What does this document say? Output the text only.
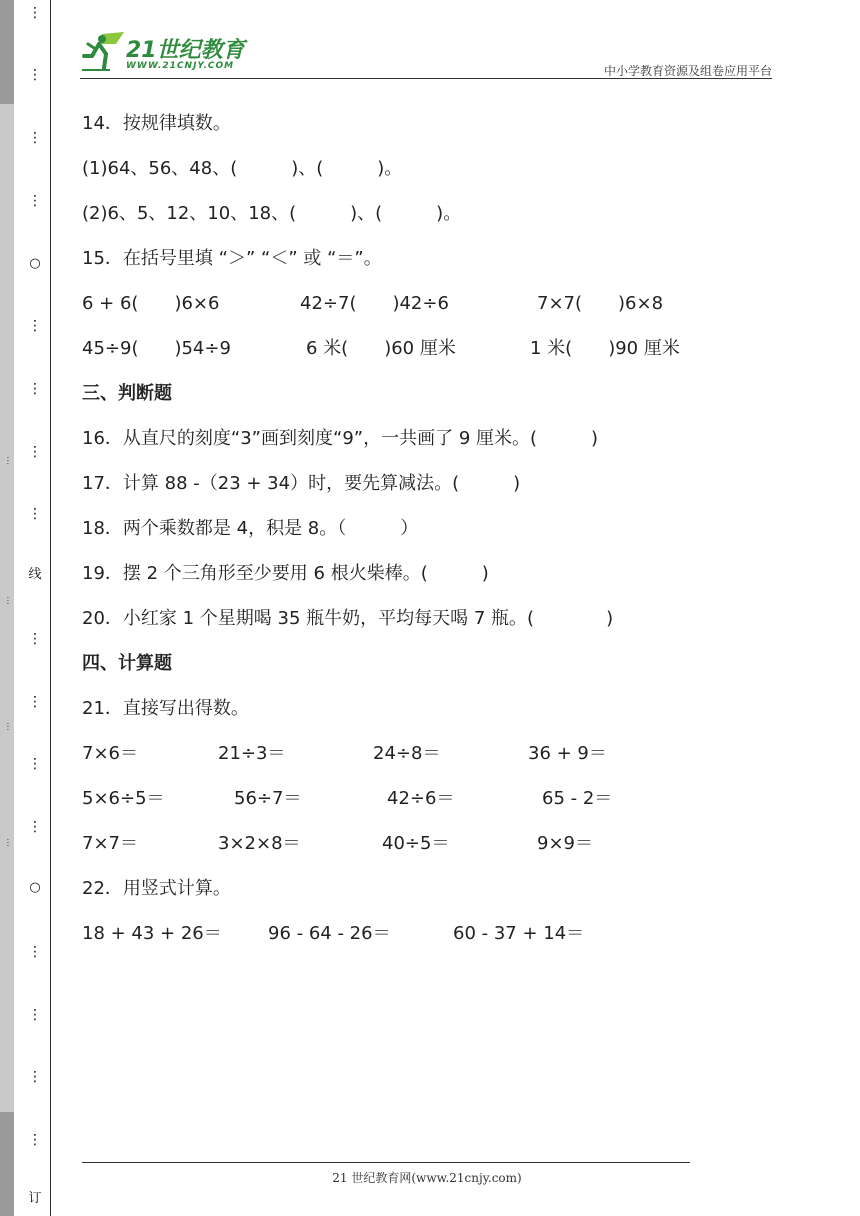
⋮
⋮
⋮
⋮
○
⋮
⋮
⋮
⋮
线
⋮
⋮
⋮
⋮
○
⋮
⋮
⋮
⋮
订
⋯
⋯
⋯
⋯
21世纪教育
WWW.21CNJY.COM	中小学教育资源及组卷应用平台
14．按规律填数。
(1)64、56、48、(　　　)、(　　　)。
(2)6、5、12、10、18、(　　　)、(　　　)。
15．在括号里填 “＞” “＜” 或 “＝”。
6 + 6(　　)6×6	42÷7(　　)42÷6	7×7(　　)6×8
45÷9(　　)54÷9	6 米(　　)60 厘米	1 米(　　)90 厘米
三、判断题
16．从直尺的刻度“3”画到刻度“9”，一共画了 9 厘米。(　　　)
17．计算 88 -（23 + 34）时，要先算减法。(　　　)
18．两个乘数都是 4，积是 8。（　　　）
19．摆 2 个三角形至少要用 6 根火柴棒。(　　　)
20．小红家 1 个星期喝 35 瓶牛奶，平均每天喝 7 瓶。(　　　　)
四、计算题
21．直接写出得数。
7×6＝	21÷3＝	24÷8＝	36 + 9＝
5×6÷5＝	56÷7＝	42÷6＝	65 - 2＝
7×7＝	3×2×8＝	40÷5＝	9×9＝
22．用竖式计算。
18 + 43 + 26＝	96 - 64 - 26＝	60 - 37 + 14＝
21 世纪教育网(www.21cnjy.com)
